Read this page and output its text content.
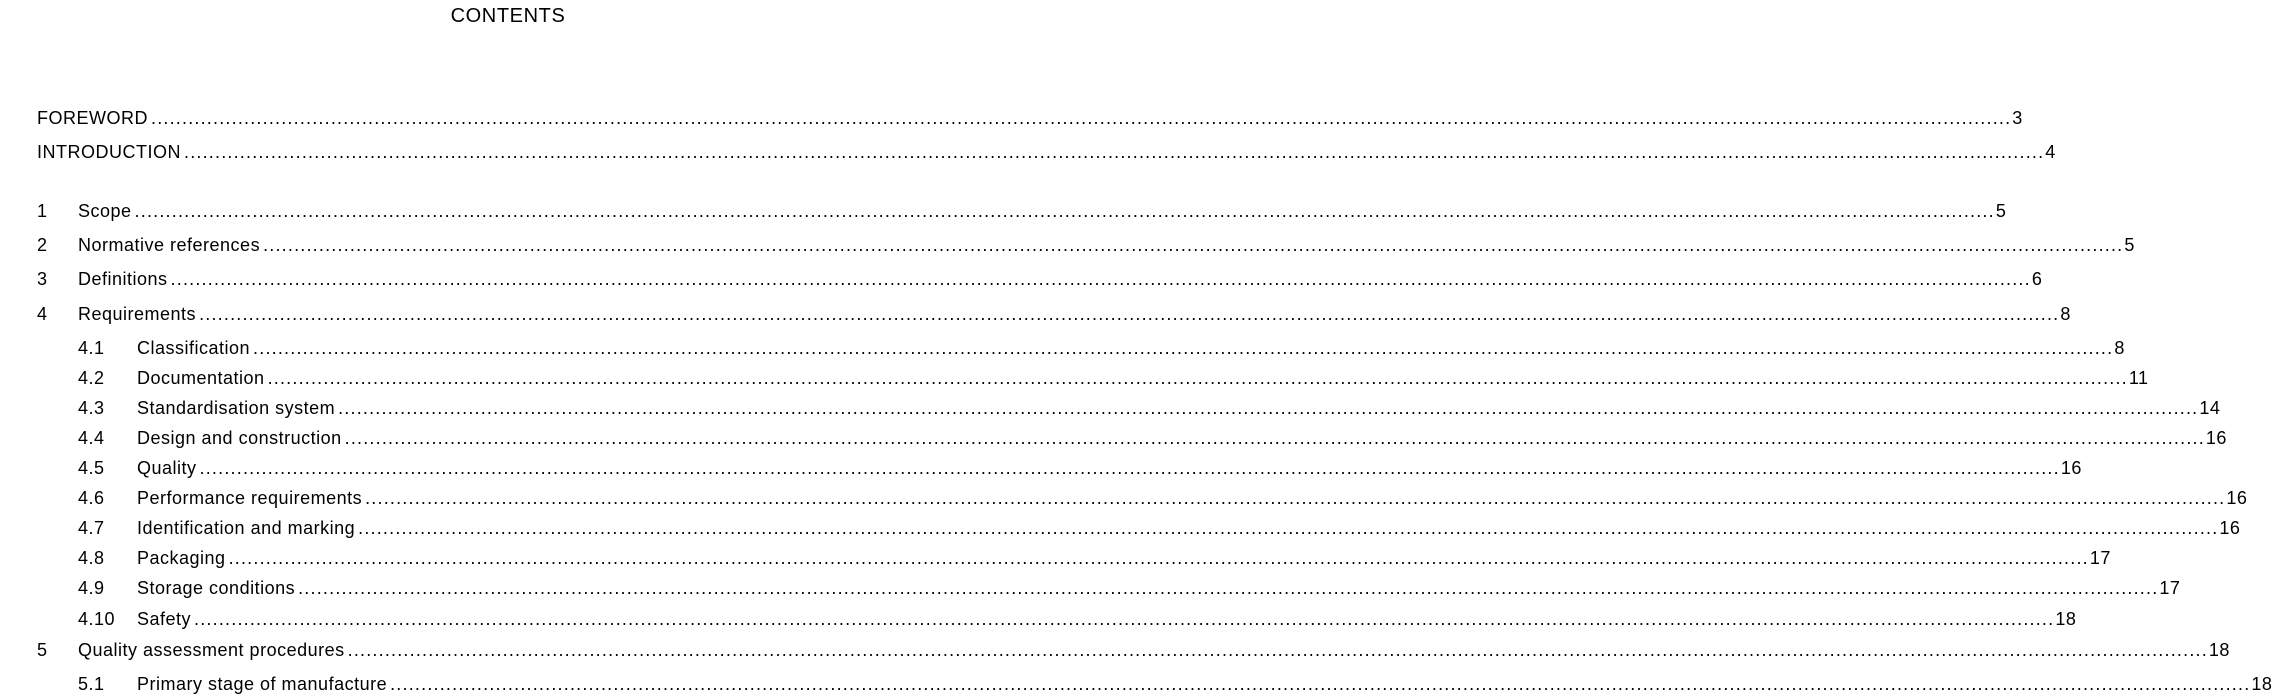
CONTENTS
FOREWORD ............................................................................................................................................................................................................................................................................................................ 3
INTRODUCTION ............................................................................................................................................................................................................................................................................................................ 4
1	Scope ............................................................................................................................................................................................................................................................................................................ 5
2	Normative references ............................................................................................................................................................................................................................................................................................................ 5
3	Definitions ............................................................................................................................................................................................................................................................................................................ 6
4	Requirements ............................................................................................................................................................................................................................................................................................................ 8
4.1	Classification ............................................................................................................................................................................................................................................................................................................ 8
4.2	Documentation ............................................................................................................................................................................................................................................................................................................ 11
4.3	Standardisation system ............................................................................................................................................................................................................................................................................................................ 14
4.4	Design and construction ............................................................................................................................................................................................................................................................................................................ 16
4.5	Quality ............................................................................................................................................................................................................................................................................................................ 16
4.6	Performance requirements ............................................................................................................................................................................................................................................................................................................ 16
4.7	Identification and marking ............................................................................................................................................................................................................................................................................................................ 16
4.8	Packaging ............................................................................................................................................................................................................................................................................................................ 17
4.9	Storage conditions ............................................................................................................................................................................................................................................................................................................ 17
4.10	Safety ............................................................................................................................................................................................................................................................................................................ 18
5	Quality assessment procedures ............................................................................................................................................................................................................................................................................................................ 18
5.1	Primary stage of manufacture ............................................................................................................................................................................................................................................................................................................ 18
